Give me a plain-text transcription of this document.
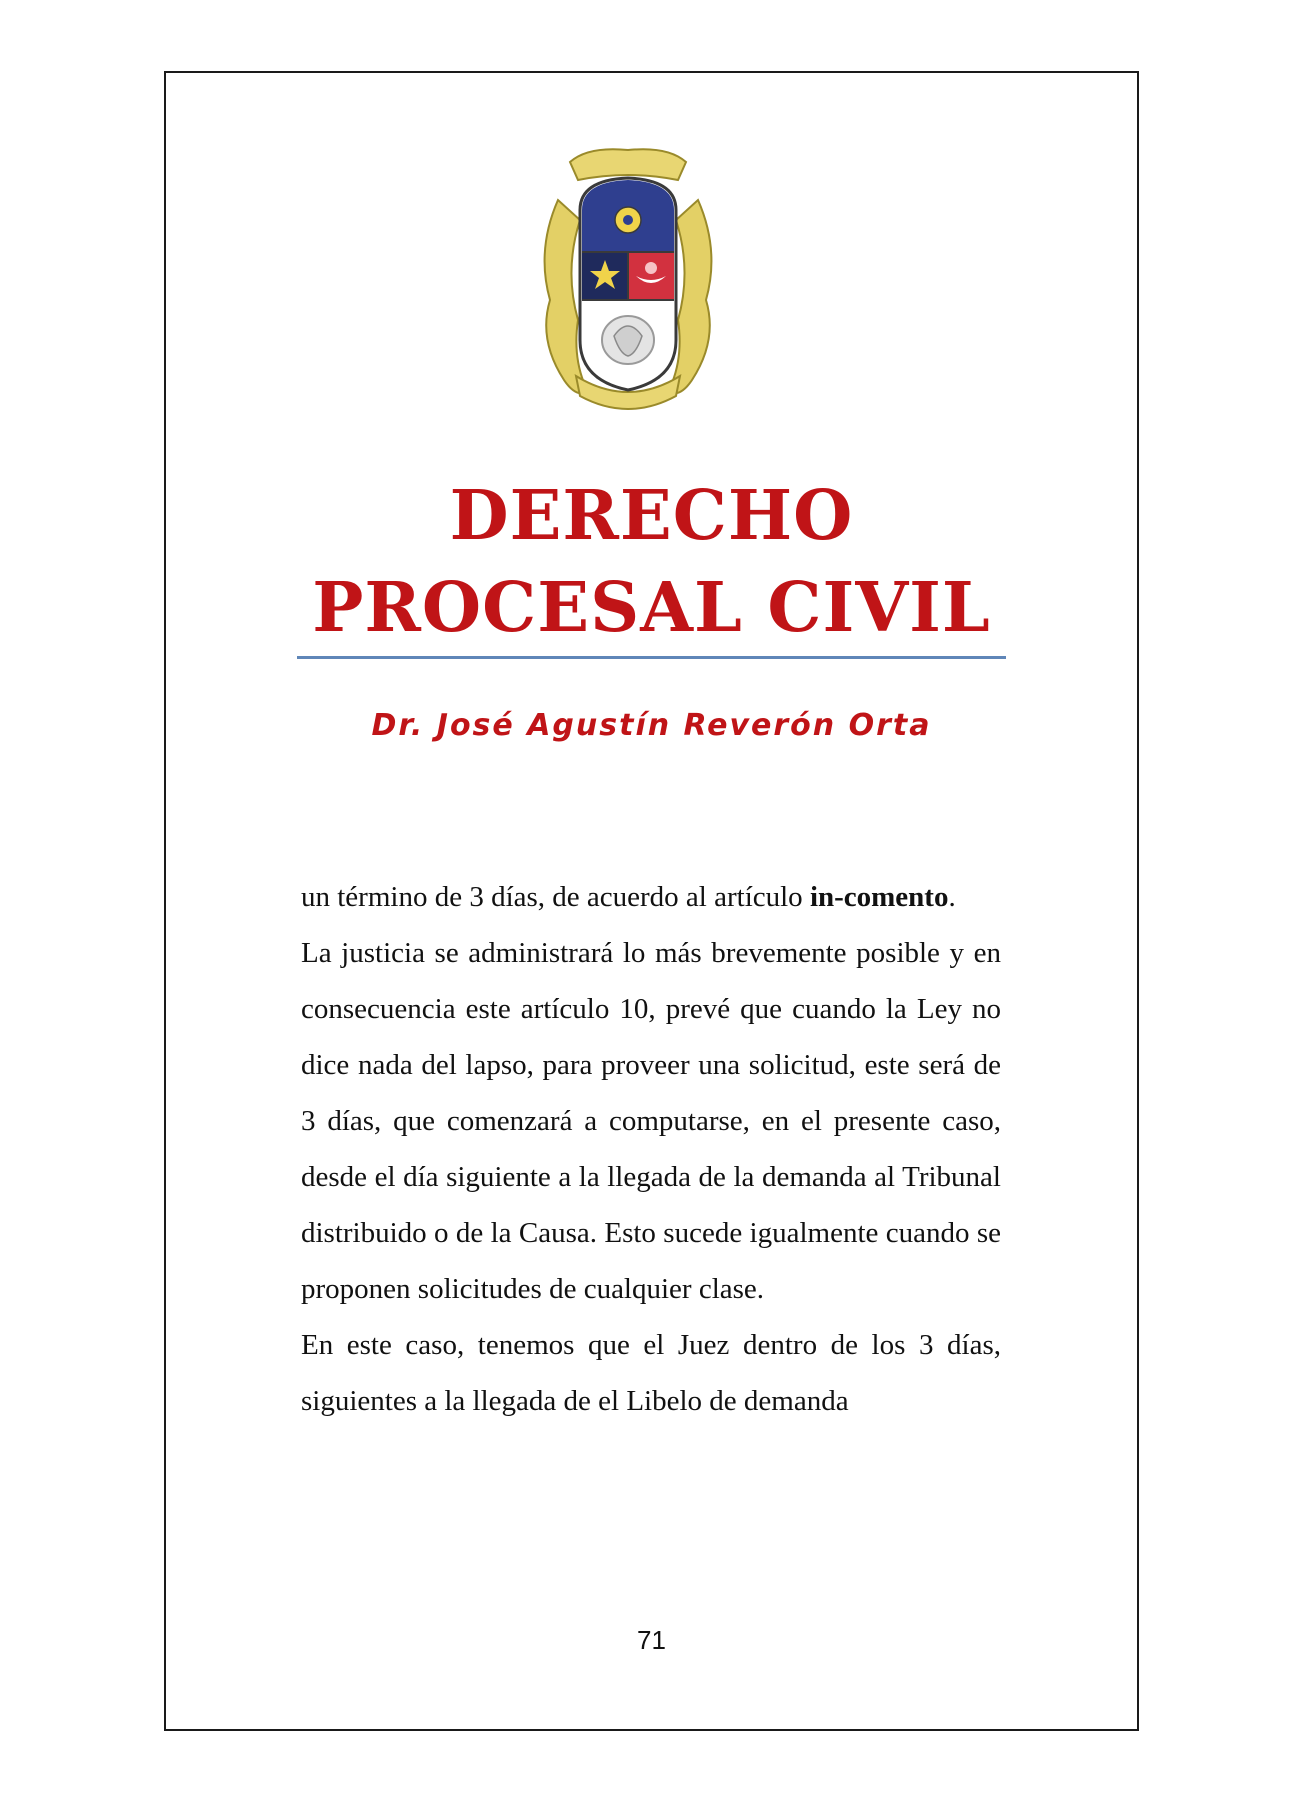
DERECHO
PROCESAL CIVIL
Dr. José Agustín Reverón Orta

un término de 3 días, de acuerdo al artículo in-comento.

La justicia se administrará lo más brevemente posible y en consecuencia este artículo 10, prevé que cuando la Ley no dice nada del lapso, para proveer una solicitud, este será de 3 días, que comenzará a computarse, en el presente caso, desde el día siguiente a la llegada de la demanda al Tribunal distribuido o de la Causa. Esto sucede igualmente cuando se proponen solicitudes de cualquier clase.

En este caso, tenemos que el Juez dentro de los 3 días, siguientes a la llegada de el Libelo de demanda

71
